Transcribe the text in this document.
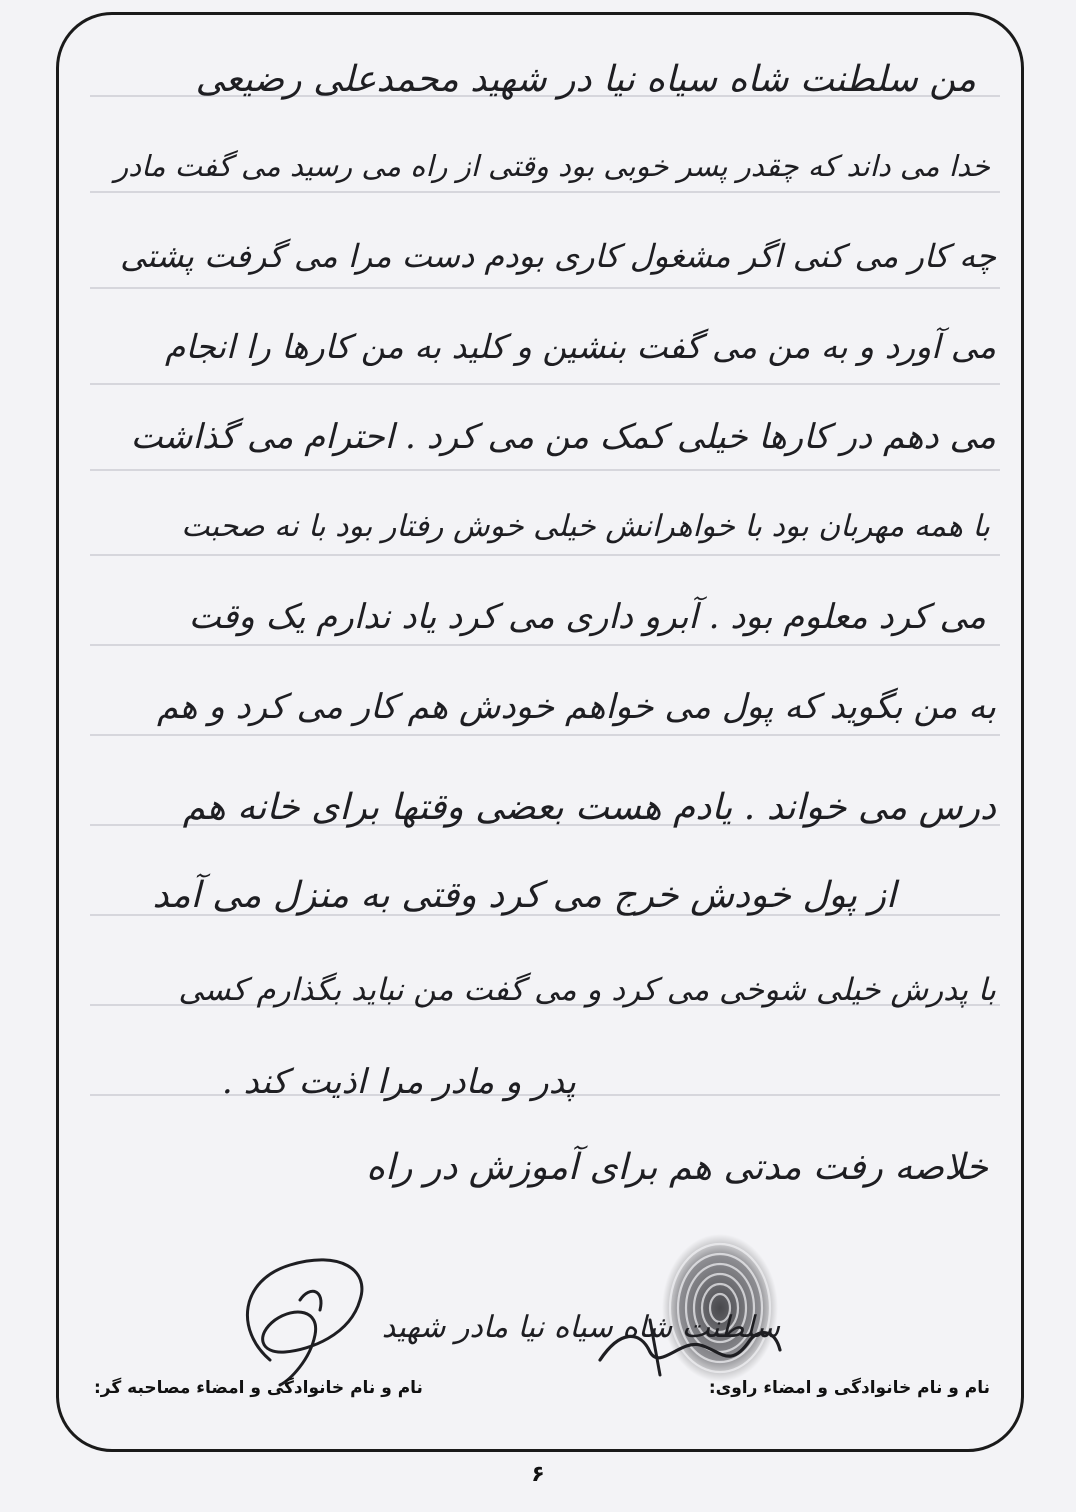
من سلطنت شاه سیاه نیا در شهید محمدعلی رضیعی
خدا می داند که چقدر پسر خوبی بود وقتی از راه می رسید می گفت مادر
چه کار می کنی اگر مشغول کاری بودم دست مرا می گرفت پشتی
می آورد و به من می گفت بنشین و کلید به من کارها را انجام
می دهم در کارها خیلی کمک من می کرد . احترام می گذاشت
با همه مهربان بود با خواهرانش خیلی خوش رفتار بود با نه صحبت
می کرد معلوم بود . آبرو داری می کرد یاد ندارم یک وقت
به من بگوید که پول می خواهم خودش هم کار می کرد و هم
درس می خواند . یادم هست بعضی وقتها برای خانه هم
از پول خودش خرج می کرد وقتی به منزل می آمد
با پدرش خیلی شوخی می کرد و می گفت من نباید بگذارم کسی
پدر و مادر مرا اذیت کند .
خلاصه رفت مدتی هم برای آموزش در راه
سلطنت شاه سیاه نیا مادر شهید
نام و نام خانوادگی و امضاء راوی:
نام و نام خانوادگی و امضاء مصاحبه گر:
۶
